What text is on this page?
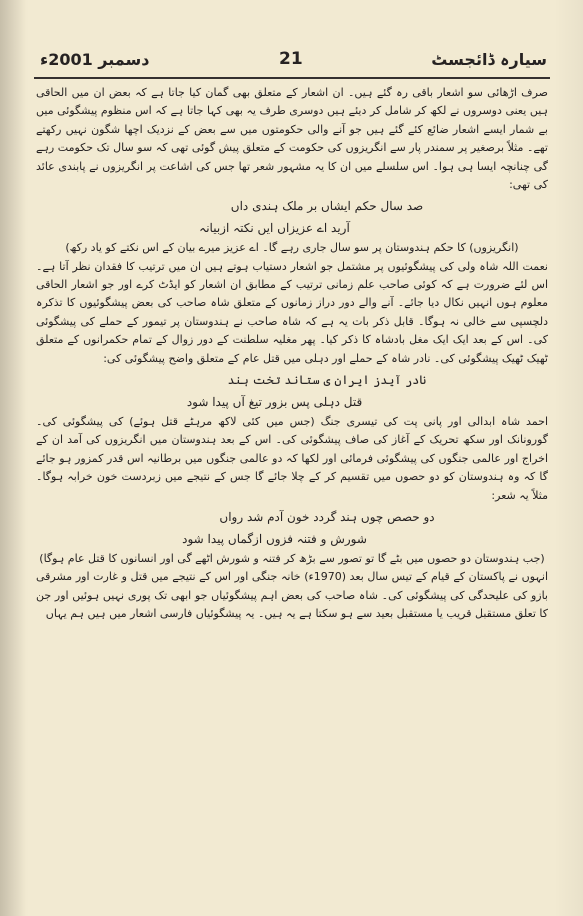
دسمبر 2001ء	21	سیارہ ڈائجسٹ

صرف اڑھائی سو اشعار باقی رہ گئے ہیں۔ ان اشعار کے متعلق بھی گمان کیا جاتا ہے کہ بعض ان میں الحاقی ہیں یعنی دوسروں نے لکھ کر شامل کر دیئے ہیں دوسری طرف یہ بھی کہا جاتا ہے کہ اس منظوم پیشگوئی میں بے شمار ایسے اشعار ضائع کئے گئے ہیں جو آنے والی حکومتوں میں سے بعض کے نزدیک اچھا شگون نہیں رکھتے تھے۔ مثلاً برصغیر پر سمندر پار سے انگریزوں کی حکومت کے متعلق پیش گوئی تھی کہ سو سال تک حکومت رہے گی چنانچہ ایسا ہی ہوا۔ اس سلسلے میں ان کا یہ مشہور شعر تھا جس کی اشاعت پر انگریزوں نے پابندی عائد کی تھی:

صد سال حکم ایشاں بر ملک ہندی داں

آرید اے عزیزاں ایں نکتہ ازبیانہ

(انگریزوں) کا حکم ہندوستان پر سو سال جاری رہے گا۔ اے عزیز میرے بیان کے اس نکتے کو یاد رکھ)

نعمت اللہ شاہ ولی کی پیشگوئیوں پر مشتمل جو اشعار دستیاب ہوتے ہیں ان میں ترتیب کا فقدان نظر آتا ہے۔ اس لئے ضرورت ہے کہ کوئی صاحب علم زمانی ترتیب کے مطابق ان اشعار کو ایڈٹ کرے اور جو اشعار الحاقی معلوم ہوں انہیں نکال دیا جائے۔ آنے والے دور دراز زمانوں کے متعلق شاہ صاحب کی بعض پیشگوئیوں کا تذکرہ دلچسپی سے خالی نہ ہوگا۔ قابل ذکر بات یہ ہے کہ شاہ صاحب نے ہندوستان پر تیمور کے حملے کی پیشگوئی کی۔ اس کے بعد ایک ایک مغل بادشاہ کا ذکر کیا۔ پھر مغلیہ سلطنت کے دور زوال کے تمام حکمرانوں کے متعلق ٹھیک ٹھیک پیشگوئی کی۔ نادر شاہ کے حملے اور دہلی میں قتل عام کے متعلق واضح پیشگوئی کی:

نادر آیدز ایران ی ستاند تخت ہند

قتل دہلی پس بزور تیغ آں پیدا شود

احمد شاہ ابدالی اور پانی پت کی تیسری جنگ (جس میں کئی لاکھ مرہٹے قتل ہوئے) کی پیشگوئی کی۔ گورونانک اور سکھ تحریک کے آغاز کی صاف پیشگوئی کی۔ اس کے بعد ہندوستان میں انگریزوں کی آمد ان کے اخراج اور عالمی جنگوں کی پیشگوئی فرمائی اور لکھا کہ دو عالمی جنگوں میں برطانیہ اس قدر کمزور ہو جائے گا کہ وہ ہندوستان کو دو حصوں میں تقسیم کر کے چلا جائے گا جس کے نتیجے میں زبردست خون خرابہ ہوگا۔ مثلاً یہ شعر:

دو حصص چوں ہند گردد خون آدم شد رواں

شورش و فتنہ فزوں ازگماں پیدا شود

(جب ہندوستان دو حصوں میں بٹے گا تو تصور سے بڑھ کر فتنہ و شورش اٹھے گی اور انسانوں کا قتل عام ہوگا)

انہوں نے پاکستان کے قیام کے تیس سال بعد (1970ء) خانہ جنگی اور اس کے نتیجے میں قتل و غارت اور مشرقی بازو کی علیحدگی کی پیشگوئی کی۔ شاہ صاحب کی بعض اہم پیشگوئیاں جو ابھی تک پوری نہیں ہوئیں اور جن کا تعلق مستقبل قریب یا مستقبل بعید سے ہو سکتا ہے یہ ہیں۔ یہ پیشگوئیاں فارسی اشعار میں ہیں ہم یہاں
